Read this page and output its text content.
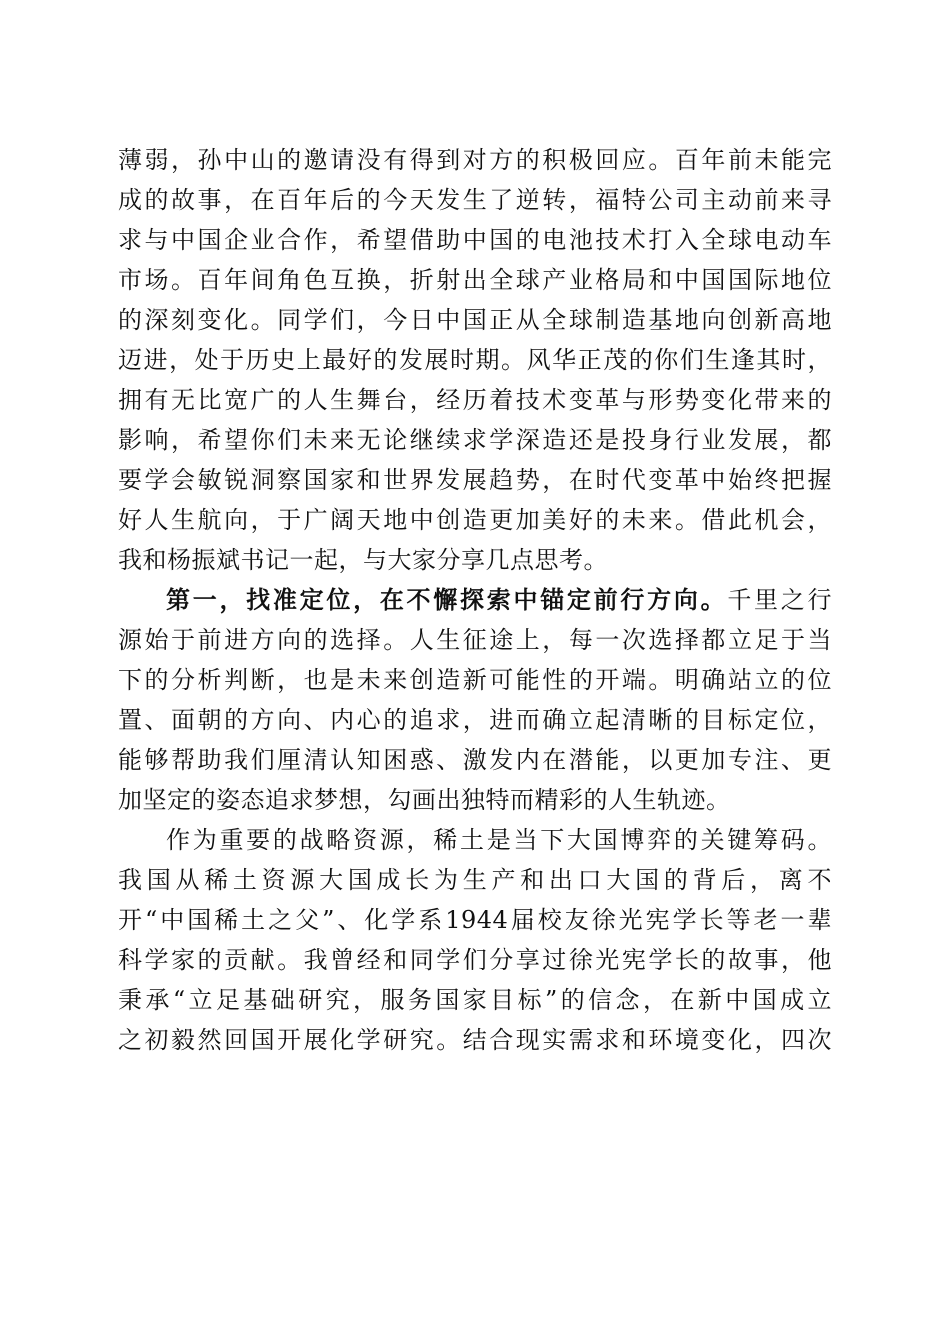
薄弱，孙中山的邀请没有得到对方的积极回应。百年前未能完
成的故事，在百年后的今天发生了逆转，福特公司主动前来寻
求与中国企业合作，希望借助中国的电池技术打入全球电动车
市场。百年间角色互换，折射出全球产业格局和中国国际地位
的深刻变化。同学们，今日中国正从全球制造基地向创新高地
迈进，处于历史上最好的发展时期。风华正茂的你们生逢其时，
拥有无比宽广的人生舞台，经历着技术变革与形势变化带来的
影响，希望你们未来无论继续求学深造还是投身行业发展，都
要学会敏锐洞察国家和世界发展趋势，在时代变革中始终把握
好人生航向，于广阔天地中创造更加美好的未来。借此机会，
我和杨振斌书记一起，与大家分享几点思考。
第一，找准定位，在不懈探索中锚定前行方向。千里之行
源始于前进方向的选择。人生征途上，每一次选择都立足于当
下的分析判断，也是未来创造新可能性的开端。明确站立的位
置、面朝的方向、内心的追求，进而确立起清晰的目标定位，
能够帮助我们厘清认知困惑、激发内在潜能，以更加专注、更
加坚定的姿态追求梦想，勾画出独特而精彩的人生轨迹。
作为重要的战略资源，稀土是当下大国博弈的关键筹码。
我国从稀土资源大国成长为生产和出口大国的背后，离不
开“中国稀土之父”、化学系1944届校友徐光宪学长等老一辈
科学家的贡献。我曾经和同学们分享过徐光宪学长的故事，他
秉承“立足基础研究，服务国家目标”的信念，在新中国成立
之初毅然回国开展化学研究。结合现实需求和环境变化，四次
